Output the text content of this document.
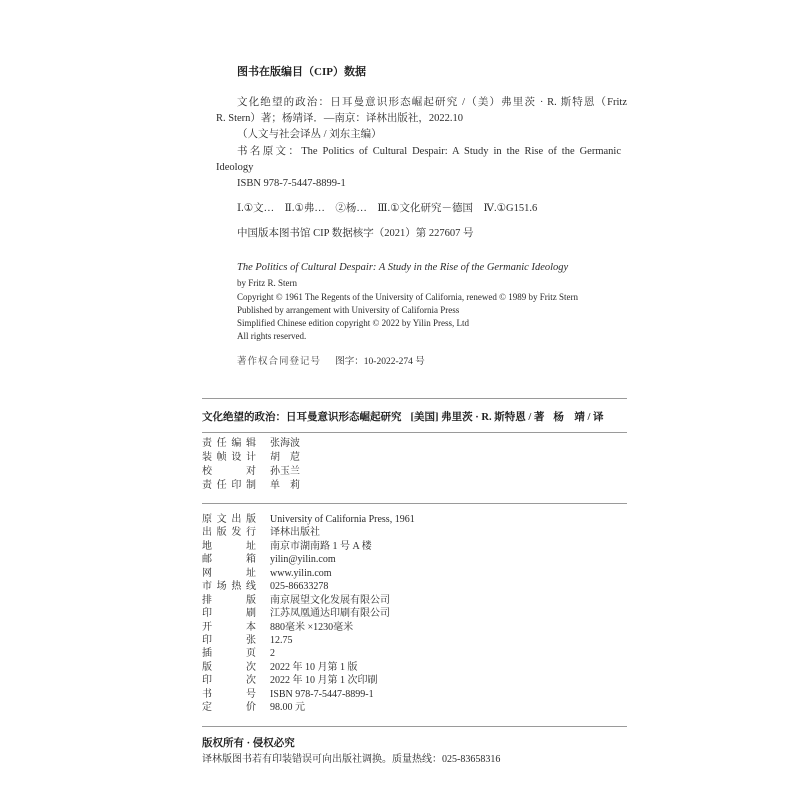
图书在版编目（CIP）数据
文化绝望的政治：日耳曼意识形态崛起研究 /（美）弗里茨 · R. 斯特恩（Fritz
R. Stern）著；杨靖译．—南京：译林出版社，2022.10
（人文与社会译丛 / 刘东主编）
书名原文：The Politics of Cultural Despair: A Study in the Rise of the Germanic
Ideology
ISBN 978-7-5447-8899-1
Ⅰ.①文…　Ⅱ.①弗…　②杨…　Ⅲ.①文化研究－德国　Ⅳ.①G151.6
中国版本图书馆 CIP 数据核字（2021）第 227607 号
The Politics of Cultural Despair: A Study in the Rise of the Germanic Ideology
by Fritz R. Stern
Copyright © 1961 The Regents of the University of California, renewed © 1989 by Fritz Stern
Published by arrangement with University of California Press
Simplified Chinese edition copyright © 2022 by Yilin Press, Ltd
All rights reserved.
著作权合同登记号 　 图字：10-2022-274 号
文化绝望的政治：日耳曼意识形态崛起研究 [美国] 弗里茨 · R. 斯特恩 / 著 杨　靖 / 译
责任编辑 张海波
装帧设计 胡　苨
校　　对 孙玉兰
责任印制 单　莉
原文出版 University of California Press, 1961
出版发行 译林出版社
地　　址 南京市湖南路 1 号 A 楼
邮　　箱 yilin@yilin.com
网　　址 www.yilin.com
市场热线 025-86633278
排　　版 南京展望文化发展有限公司
印　　刷 江苏凤凰通达印刷有限公司
开　　本 880毫米 ×1230毫米
印　　张 12.75
插　　页 2
版　　次 2022 年 10 月第 1 版
印　　次 2022 年 10 月第 1 次印刷
书　　号 ISBN 978-7-5447-8899-1
定　　价 98.00 元
版权所有 · 侵权必究
译林版图书若有印装错误可向出版社调换。质量热线：025-83658316
